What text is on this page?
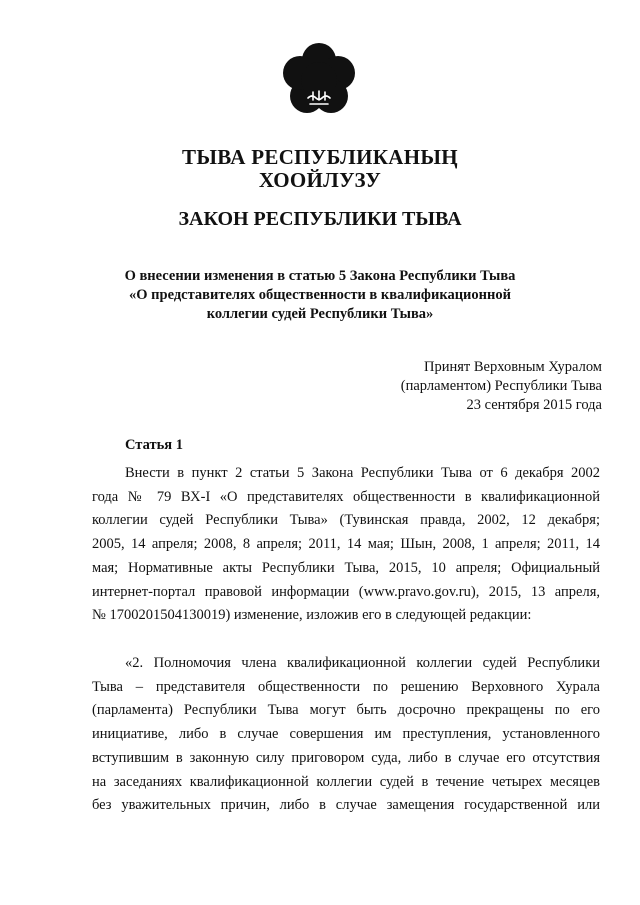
ТЫВА РЕСПУБЛИКАНЫҢ
ХООЙЛУЗУ
ЗАКОН РЕСПУБЛИКИ ТЫВА
О внесении изменения в статью 5 Закона Республики Тыва
«О представителях общественности в квалификационной
коллегии судей Республики Тыва»
Принят Верховным Хуралом
(парламентом) Республики Тыва
23 сентября 2015 года
Статья 1
Внести в пункт 2 статьи 5 Закона Республики Тыва от 6 декабря 2002
года № 79 ВХ-I «О представителях общественности в квалификационной
коллегии судей Республики Тыва» (Тувинская правда, 2002, 12 декабря;
2005, 14 апреля; 2008, 8 апреля; 2011, 14 мая; Шын, 2008, 1 апреля; 2011, 14
мая; Нормативные акты Республики Тыва, 2015, 10 апреля; Официальный
интернет-портал правовой информации (www.pravo.gov.ru), 2015, 13 апреля,
№ 1700201504130019) изменение, изложив его в следующей редакции:
«2. Полномочия члена квалификационной коллегии судей Республики
Тыва – представителя общественности по решению Верховного Хурала
(парламента) Республики Тыва могут быть досрочно прекращены по его
инициативе, либо в случае совершения им преступления, установленного
вступившим в законную силу приговором суда, либо в случае его отсутствия
на заседаниях квалификационной коллегии судей в течение четырех месяцев
без уважительных причин, либо в случае замещения государственной или
